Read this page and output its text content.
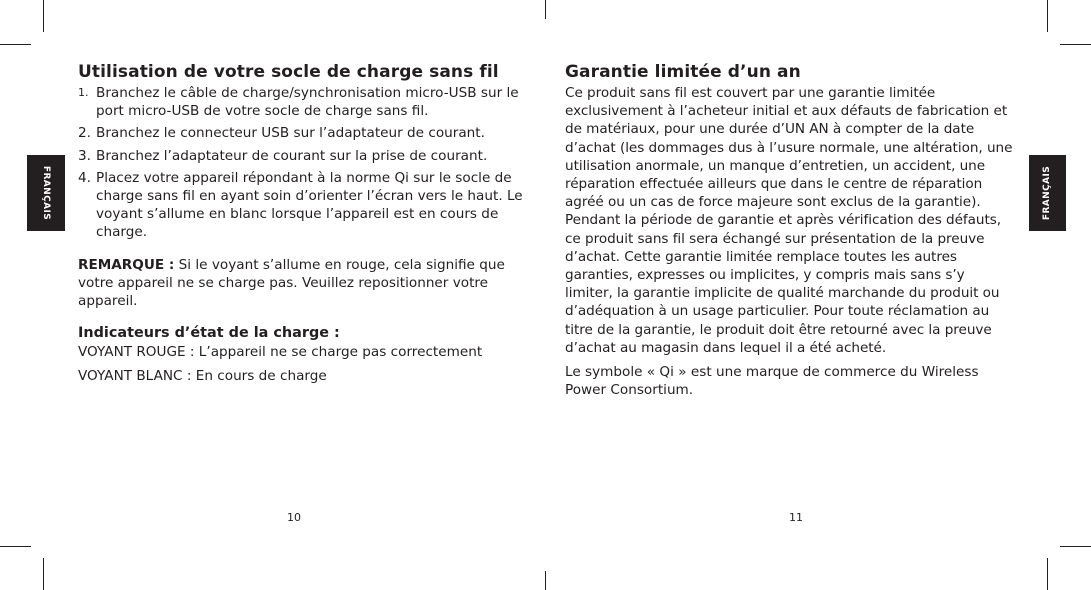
FRANÇAIS	FRANÇAIS
Utilisation de votre socle de charge sans fil
1. Branchez le câble de charge/synchronisation micro-USB sur le port micro-USB de votre socle de charge sans fil.
2. Branchez le connecteur USB sur l’adaptateur de courant.
3. Branchez l’adaptateur de courant sur la prise de courant.
4. Placez votre appareil répondant à la norme Qi sur le socle de charge sans fil en ayant soin d’orienter l’écran vers le haut. Le voyant s’allume en blanc lorsque l’appareil est en cours de charge.

REMARQUE : Si le voyant s’allume en rouge, cela signifie que votre appareil ne se charge pas. Veuillez repositionner votre appareil.

Indicateurs d’état de la charge :

VOYANT ROUGE : L’appareil ne se charge pas correctement

VOYANT BLANC : En cours de charge

Garantie limitée d’un an

Ce produit sans fil est couvert par une garantie limitée exclusivement à l’acheteur initial et aux défauts de fabrication et de matériaux, pour une durée d’UN AN à compter de la date d’achat (les dommages dus à l’usure normale, une altération, une utilisation anormale, un manque d’entretien, un accident, une réparation effectuée ailleurs que dans le centre de réparation agréé ou un cas de force majeure sont exclus de la garantie). Pendant la période de garantie et après vérification des défauts, ce produit sans fil sera échangé sur présentation de la preuve d’achat. Cette garantie limitée remplace toutes les autres garanties, expresses ou implicites, y compris mais sans s’y limiter, la garantie implicite de qualité marchande du produit ou d’adéquation à un usage particulier. Pour toute réclamation au titre de la garantie, le produit doit être retourné avec la preuve d’achat au magasin dans lequel il a été acheté.

Le symbole « Qi » est une marque de commerce du Wireless Power Consortium.

10	11
